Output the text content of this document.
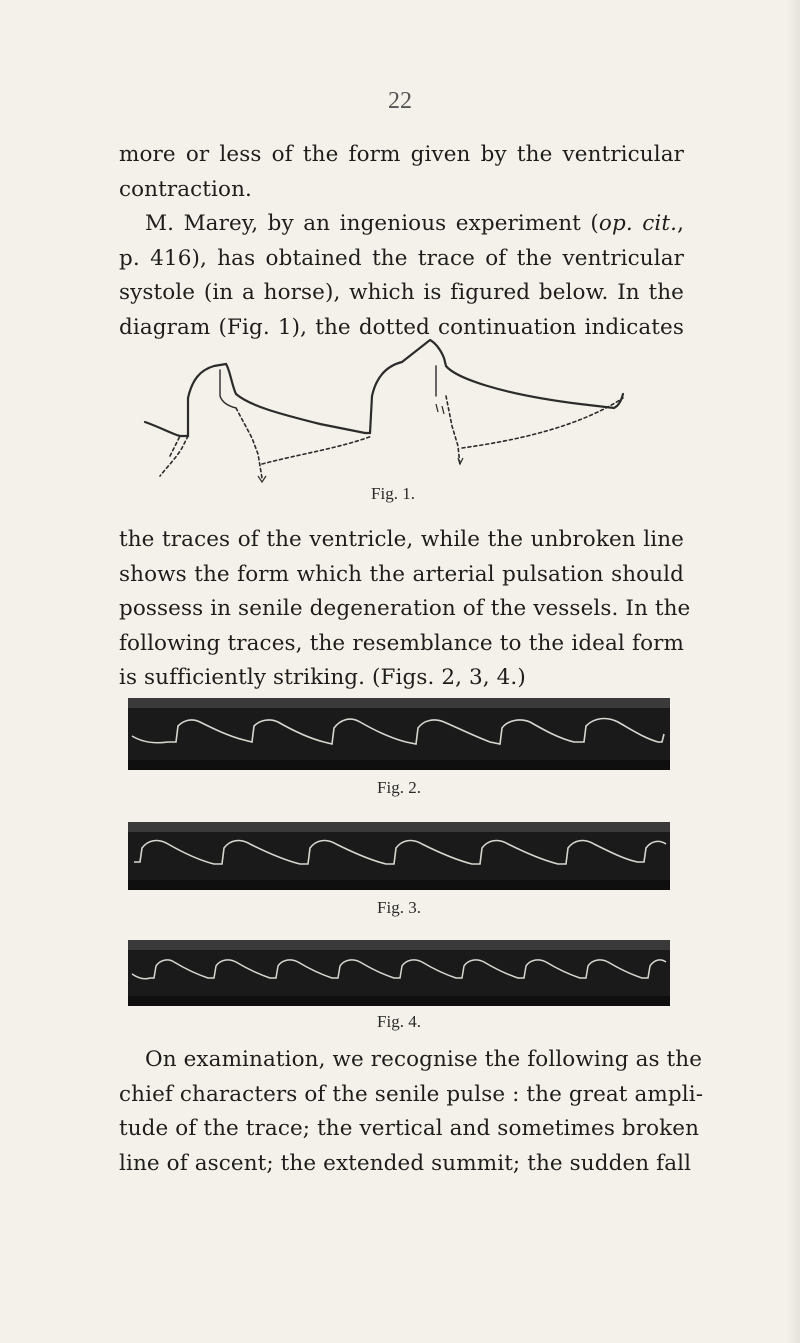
22
more or less of the form given by the ventricular
contraction.
M. Marey, by an ingenious experiment (op. cit.,
p. 416), has obtained the trace of the ventricular
systole (in a horse), which is figured below. In the
diagram (Fig. 1), the dotted continuation indicates
Fig. 1.
the traces of the ventricle, while the unbroken line
shows the form which the arterial pulsation should
possess in senile degeneration of the vessels. In the
following traces, the resemblance to the ideal form
is sufficiently striking. (Figs. 2, 3, 4.)
Fig. 2.
Fig. 3.
Fig. 4.
On examination, we recognise the following as the
chief characters of the senile pulse : the great ampli-
tude of the trace; the vertical and sometimes broken
line of ascent; the extended summit; the sudden fall
